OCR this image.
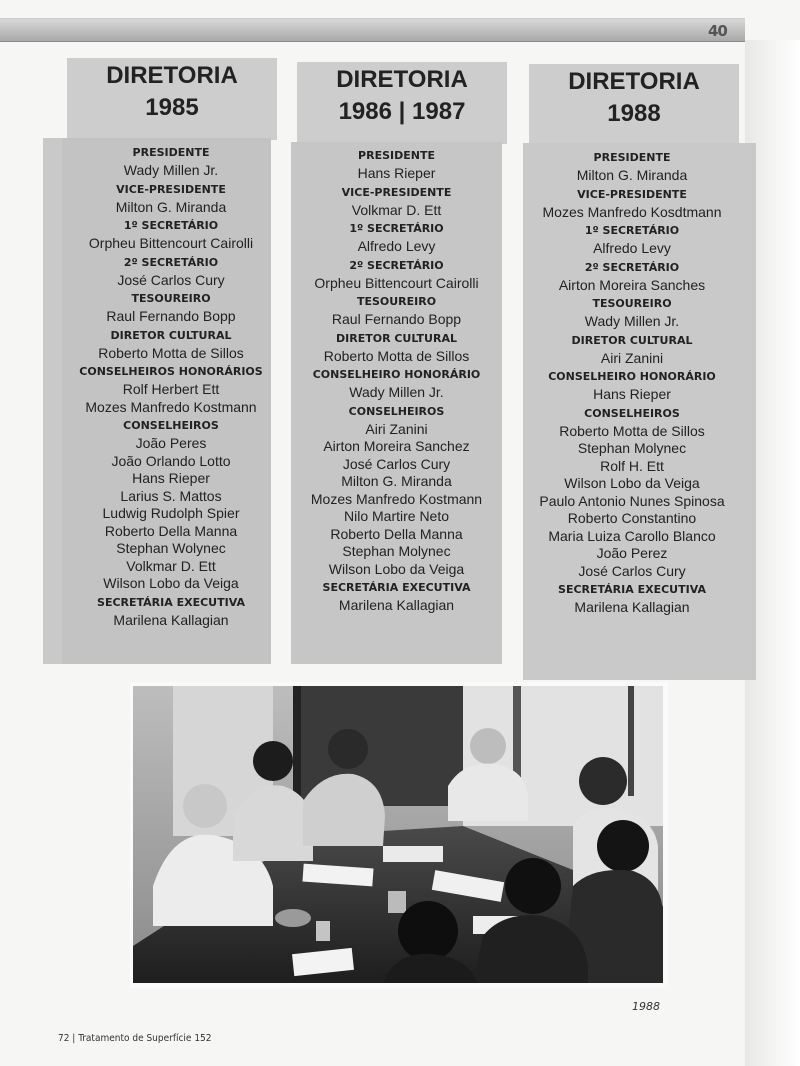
40
DIRETORIA
1985
PRESIDENTE
Wady Millen Jr.
VICE-PRESIDENTE
Milton G. Miranda
1º SECRETÁRIO
Orpheu Bittencourt Cairolli
2º SECRETÁRIO
José Carlos Cury
TESOUREIRO
Raul Fernando Bopp
DIRETOR CULTURAL
Roberto Motta de Sillos
CONSELHEIROS HONORÁRIOS
Rolf Herbert Ett
Mozes Manfredo Kostmann
CONSELHEIROS
João Peres
João Orlando Lotto
Hans Rieper
Larius S. Mattos
Ludwig Rudolph Spier
Roberto Della Manna
Stephan Wolynec
Volkmar D. Ett
Wilson Lobo da Veiga
SECRETÁRIA EXECUTIVA
Marilena Kallagian
DIRETORIA
1986 | 1987
PRESIDENTE
Hans Rieper
VICE-PRESIDENTE
Volkmar D. Ett
1º SECRETÁRIO
Alfredo Levy
2º SECRETÁRIO
Orpheu Bittencourt Cairolli
TESOUREIRO
Raul Fernando Bopp
DIRETOR CULTURAL
Roberto Motta de Sillos
CONSELHEIRO HONORÁRIO
Wady Millen Jr.
CONSELHEIROS
Airi Zanini
Airton Moreira Sanchez
José Carlos Cury
Milton G. Miranda
Mozes Manfredo Kostmann
Nilo Martire Neto
Roberto Della Manna
Stephan Molynec
Wilson Lobo da Veiga
SECRETÁRIA EXECUTIVA
Marilena Kallagian
DIRETORIA
1988
PRESIDENTE
Milton G. Miranda
VICE-PRESIDENTE
Mozes Manfredo Kosdtmann
1º SECRETÁRIO
Alfredo Levy
2º SECRETÁRIO
Airton Moreira Sanches
TESOUREIRO
Wady Millen Jr.
DIRETOR CULTURAL
Airi Zanini
CONSELHEIRO HONORÁRIO
Hans Rieper
CONSELHEIROS
Roberto Motta de Sillos
Stephan Molynec
Rolf H. Ett
Wilson Lobo da Veiga
Paulo Antonio Nunes Spinosa
Roberto Constantino
Maria Luiza Carollo Blanco
João Perez
José Carlos Cury
SECRETÁRIA EXECUTIVA
Marilena Kallagian
1988
72 | Tratamento de Superfície 152
